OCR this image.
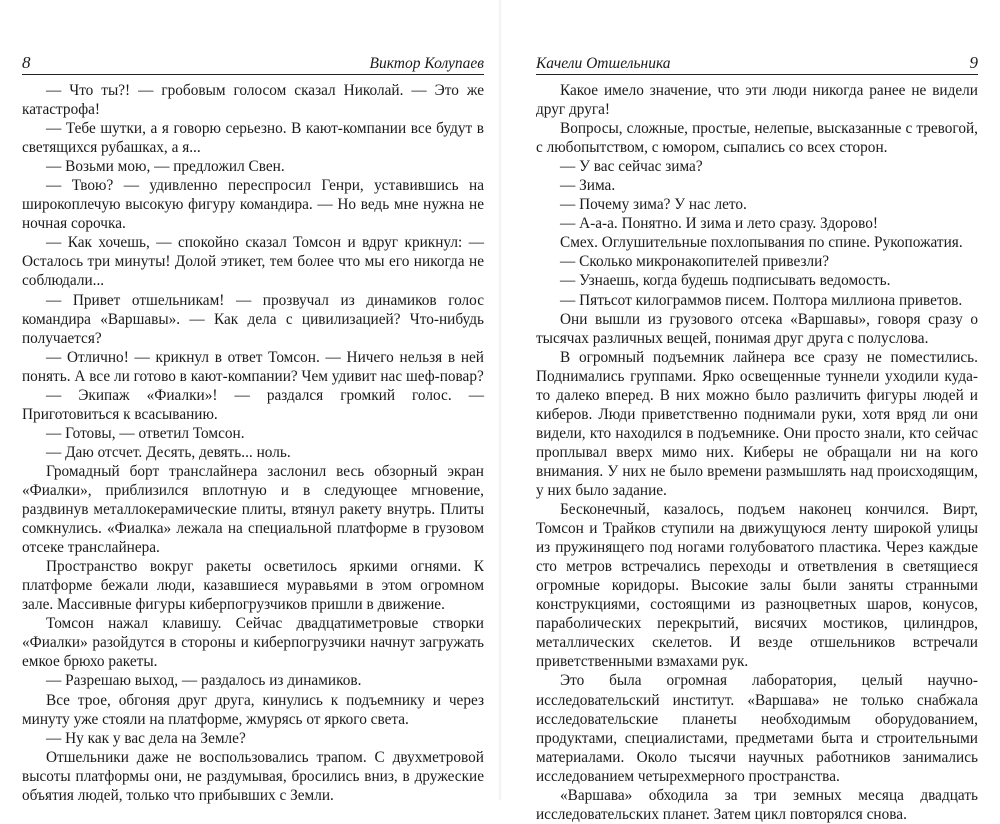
8	Виктор Колупаев

— Что ты?! — гробовым голосом сказал Николай. — Это же катастрофа!

— Тебе шутки, а я говорю серьезно. В кают-компании все будут в светящихся рубашках, а я...

— Возьми мою, — предложил Свен.

— Твою? — удивленно переспросил Генри, уставившись на широкоплечую высокую фигуру командира. — Но ведь мне нужна не ночная сорочка.

— Как хочешь, — спокойно сказал Томсон и вдруг крикнул: — Осталось три минуты! Долой этикет, тем более что мы его никогда не соблюдали...

— Привет отшельникам! — прозвучал из динамиков голос командира «Варшавы». — Как дела с цивилизацией? Что-нибудь получается?

— Отлично! — крикнул в ответ Томсон. — Ничего нельзя в ней понять. А все ли готово в кают-компании? Чем удивит нас шеф-повар?

— Экипаж «Фиалки»! — раздался громкий голос. — Приготовиться к всасыванию.

— Готовы, — ответил Томсон.

— Даю отсчет. Десять, девять... ноль.

Громадный борт транслайнера заслонил весь обзорный экран «Фиалки», приблизился вплотную и в следующее мгновение, раздвинув металлокерамические плиты, втянул ракету внутрь. Плиты сомкнулись. «Фиалка» лежала на специальной платформе в грузовом отсеке транслайнера.

Пространство вокруг ракеты осветилось яркими огнями. К платформе бежали люди, казавшиеся муравьями в этом огромном зале. Массивные фигуры киберпогрузчиков пришли в движение.

Томсон нажал клавишу. Сейчас двадцатиметровые створки «Фиалки» разойдутся в стороны и киберпогрузчики начнут загружать емкое брюхо ракеты.

— Разрешаю выход, — раздалось из динамиков.

Все трое, обгоняя друг друга, кинулись к подъемнику и через минуту уже стояли на платформе, жмурясь от яркого света.

— Ну как у вас дела на Земле?

Отшельники даже не воспользовались трапом. С двухметровой высоты платформы они, не раздумывая, бросились вниз, в дружеские объятия людей, только что прибывших с Земли.

Качели Отшельника	9

Какое имело значение, что эти люди никогда ранее не видели друг друга!

Вопросы, сложные, простые, нелепые, высказанные с тревогой, с любопытством, с юмором, сыпались со всех сторон.

— У вас сейчас зима?

— Зима.

— Почему зима? У нас лето.

— А-а-а. Понятно. И зима и лето сразу. Здорово!

Смех. Оглушительные похлопывания по спине. Рукопожатия.

— Сколько микронакопителей привезли?

— Узнаешь, когда будешь подписывать ведомость.

— Пятьсот килограммов писем. Полтора миллиона приветов.

Они вышли из грузового отсека «Варшавы», говоря сразу о тысячах различных вещей, понимая друг друга с полуслова.

В огромный подъемник лайнера все сразу не поместились. Поднимались группами. Ярко освещенные туннели уходили куда-то далеко вперед. В них можно было различить фигуры людей и киберов. Люди приветственно поднимали руки, хотя вряд ли они видели, кто находился в подъемнике. Они просто знали, кто сейчас проплывал вверх мимо них. Киберы не обращали ни на кого внимания. У них не было времени размышлять над происходящим, у них было задание.

Бесконечный, казалось, подъем наконец кончился. Вирт, Томсон и Трайков ступили на движущуюся ленту широкой улицы из пружинящего под ногами голубоватого пластика. Через каждые сто метров встречались переходы и ответвления в светящиеся огромные коридоры. Высокие залы были заняты странными конструкциями, состоящими из разноцветных шаров, конусов, параболических перекрытий, висячих мостиков, цилиндров, металлических скелетов. И везде отшельников встречали приветственными взмахами рук.

Это была огромная лаборатория, целый научно-исследовательский институт. «Варшава» не только снабжала исследовательские планеты необходимым оборудованием, продуктами, специалистами, предметами быта и строительными материалами. Около тысячи научных работников занимались исследованием четырехмерного пространства.

«Варшава» обходила за три земных месяца двадцать исследовательских планет. Затем цикл повторялся снова.
